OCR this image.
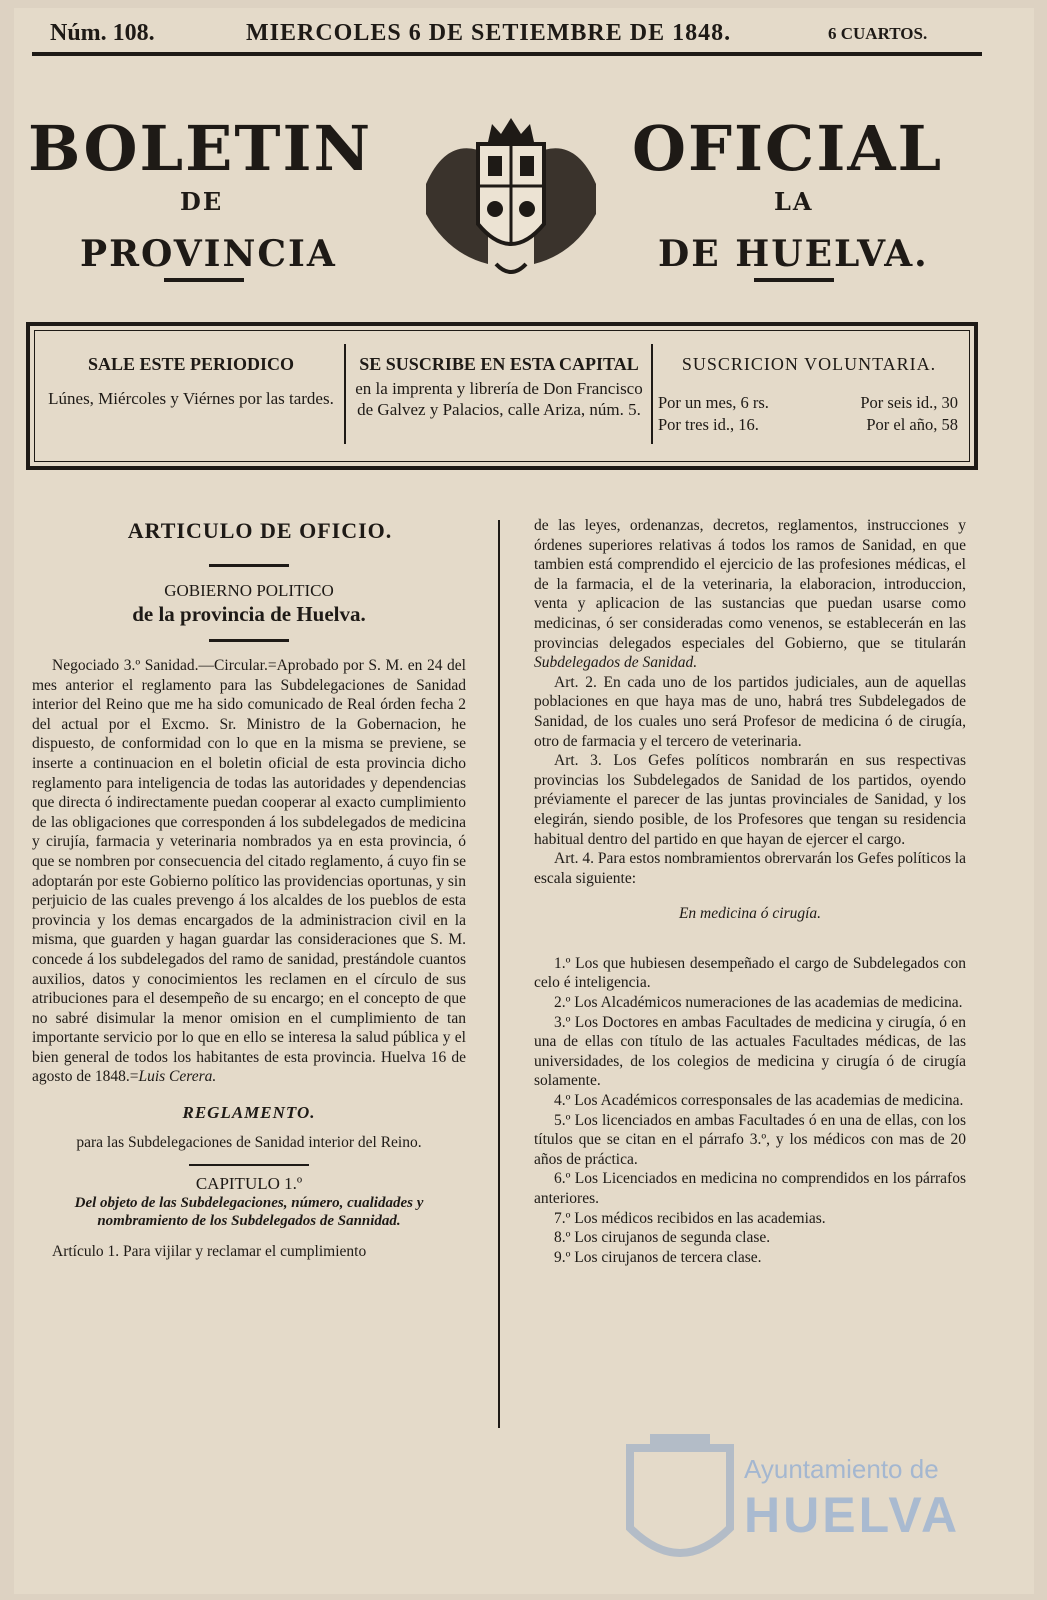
Núm. 108.	MIERCOLES 6 DE SETIEMBRE DE 1848.	6 CUARTOS.
BOLETIN
DE
PROVINCIA
OFICIAL
LA
DE HUELVA.
SALE ESTE PERIODICO
Lúnes, Miércoles y Viérnes por las tardes.
SE SUSCRIBE EN ESTA CAPITAL
en la imprenta y librería de Don Francisco de Galvez y Palacios, calle Ariza, núm. 5.
SUSCRICION VOLUNTARIA.
Por un mes, 6 rs.	Por seis id., 30
Por tres id., 16.	Por el año, 58
ARTICULO DE OFICIO.
GOBIERNO POLITICO
de la provincia de Huelva.

Negociado 3.º Sanidad.—Circular.=Aprobado por S. M. en 24 del mes anterior el reglamento para las Subdelegaciones de Sanidad interior del Reino que me ha sido comunicado de Real órden fecha 2 del actual por el Excmo. Sr. Ministro de la Gobernacion, he dispuesto, de conformidad con lo que en la misma se previene, se inserte a continuacion en el boletin oficial de esta provincia dicho reglamento para inteligencia de todas las autoridades y dependencias que directa ó indirectamente puedan cooperar al exacto cumplimiento de las obligaciones que corresponden á los subdelegados de medicina y cirujía, farmacia y veterinaria nombrados ya en esta provincia, ó que se nombren por consecuencia del citado reglamento, á cuyo fin se adoptarán por este Gobierno político las providencias oportunas, y sin perjuicio de las cuales prevengo á los alcaldes de los pueblos de esta provincia y los demas encargados de la administracion civil en la misma, que guarden y hagan guardar las consideraciones que S. M. concede á los subdelegados del ramo de sanidad, prestándole cuantos auxilios, datos y conocimientos les reclamen en el círculo de sus atribuciones para el desempeño de su encargo; en el concepto de que no sabré disimular la menor omision en el cumplimiento de tan importante servicio por lo que en ello se interesa la salud pública y el bien general de todos los habitantes de esta provincia. Huelva 16 de agosto de 1848.=Luis Cerera.

REGLAMENTO.
para las Subdelegaciones de Sanidad interior del Reino.
CAPITULO 1.º
Del objeto de las Subdelegaciones, número, cualidades y nombramiento de los Subdelegados de Sannidad.

Artículo 1. Para vijilar y reclamar el cumplimiento

de las leyes, ordenanzas, decretos, reglamentos, instrucciones y órdenes superiores relativas á todos los ramos de Sanidad, en que tambien está comprendido el ejercicio de las profesiones médicas, el de la farmacia, el de la veterinaria, la elaboracion, introduccion, venta y aplicacion de las sustancias que puedan usarse como medicinas, ó ser consideradas como venenos, se establecerán en las provincias delegados especiales del Gobierno, que se titularán Subdelegados de Sanidad.

Art. 2. En cada uno de los partidos judiciales, aun de aquellas poblaciones en que haya mas de uno, habrá tres Subdelegados de Sanidad, de los cuales uno será Profesor de medicina ó de cirugía, otro de farmacia y el tercero de veterinaria.

Art. 3. Los Gefes políticos nombrarán en sus respectivas provincias los Subdelegados de Sanidad de los partidos, oyendo préviamente el parecer de las juntas provinciales de Sanidad, y los elegirán, siendo posible, de los Profesores que tengan su residencia habitual dentro del partido en que hayan de ejercer el cargo.

Art. 4. Para estos nombramientos obrervarán los Gefes políticos la escala siguiente:

En medicina ó cirugía.

1.º Los que hubiesen desempeñado el cargo de Subdelegados con celo é inteligencia.

2.º Los Alcadémicos numeraciones de las academias de medicina.

3.º Los Doctores en ambas Facultades de medicina y cirugía, ó en una de ellas con título de las actuales Facultades médicas, de las universidades, de los colegios de medicina y cirugía ó de cirugía solamente.

4.º Los Académicos corresponsales de las academias de medicina.

5.º Los licenciados en ambas Facultades ó en una de ellas, con los títulos que se citan en el párrafo 3.º, y los médicos con mas de 20 años de práctica.

6.º Los Licenciados en medicina no comprendidos en los párrafos anteriores.

7.º Los médicos recibidos en las academias.

8.º Los cirujanos de segunda clase.

9.º Los cirujanos de tercera clase.

Ayuntamiento de
HUELVA
